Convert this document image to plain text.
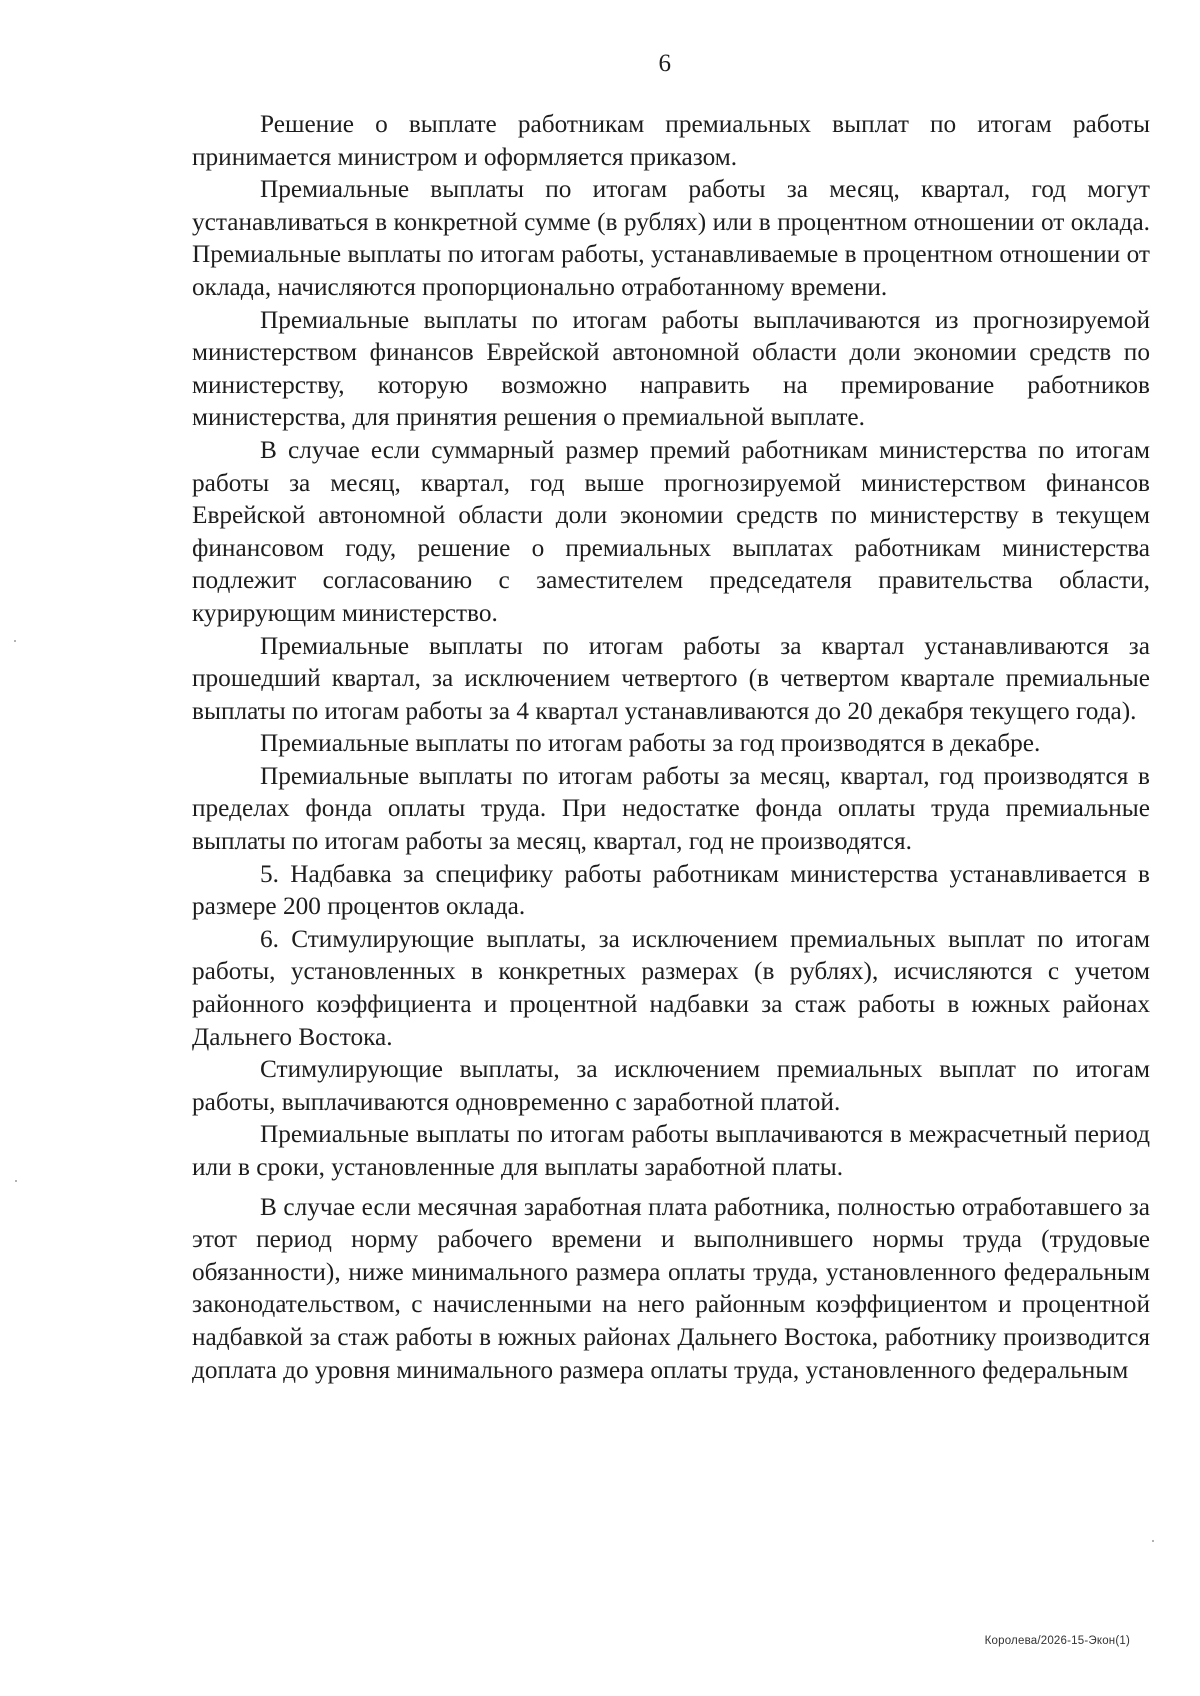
6

Решение о выплате работникам премиальных выплат по итогам работы принимается министром и оформляется приказом.

Премиальные выплаты по итогам работы за месяц, квартал, год могут устанавливаться в конкретной сумме (в рублях) или в процентном отношении от оклада. Премиальные выплаты по итогам работы, устанавливаемые в процентном отношении от оклада, начисляются пропорционально отработанному времени.

Премиальные выплаты по итогам работы выплачиваются из прогнозируемой министерством финансов Еврейской автономной области доли экономии средств по министерству, которую возможно направить на премирование работников министерства, для принятия решения о премиальной выплате.

В случае если суммарный размер премий работникам министерства по итогам работы за месяц, квартал, год выше прогнозируемой министерством финансов Еврейской автономной области доли экономии средств по министерству в текущем финансовом году, решение о премиальных выплатах работникам министерства подлежит согласованию с заместителем председателя правительства области, курирующим министерство.

Премиальные выплаты по итогам работы за квартал устанавливаются за прошедший квартал, за исключением четвертого (в четвертом квартале премиальные выплаты по итогам работы за 4 квартал устанавливаются до 20 декабря текущего года).

Премиальные выплаты по итогам работы за год производятся в декабре.

Премиальные выплаты по итогам работы за месяц, квартал, год производятся в пределах фонда оплаты труда. При недостатке фонда оплаты труда премиальные выплаты по итогам работы за месяц, квартал, год не производятся.

5. Надбавка за специфику работы работникам министерства устанавливается в размере 200 процентов оклада.

6. Стимулирующие выплаты, за исключением премиальных выплат по итогам работы, установленных в конкретных размерах (в рублях), исчисляются с учетом районного коэффициента и процентной надбавки за стаж работы в южных районах Дальнего Востока.

Стимулирующие выплаты, за исключением премиальных выплат по итогам работы, выплачиваются одновременно с заработной платой.

Премиальные выплаты по итогам работы выплачиваются в межрасчетный период или в сроки, установленные для выплаты заработной платы.

В случае если месячная заработная плата работника, полностью отработавшего за этот период норму рабочего времени и выполнившего нормы труда (трудовые обязанности), ниже минимального размера оплаты труда, установленного федеральным законодательством, с начисленными на него районным коэффициентом и процентной надбавкой за стаж работы в южных районах Дальнего Востока, работнику производится доплата до уровня минимального размера оплаты труда, установленного федеральным

Королева/2026-15-Экон(1)
